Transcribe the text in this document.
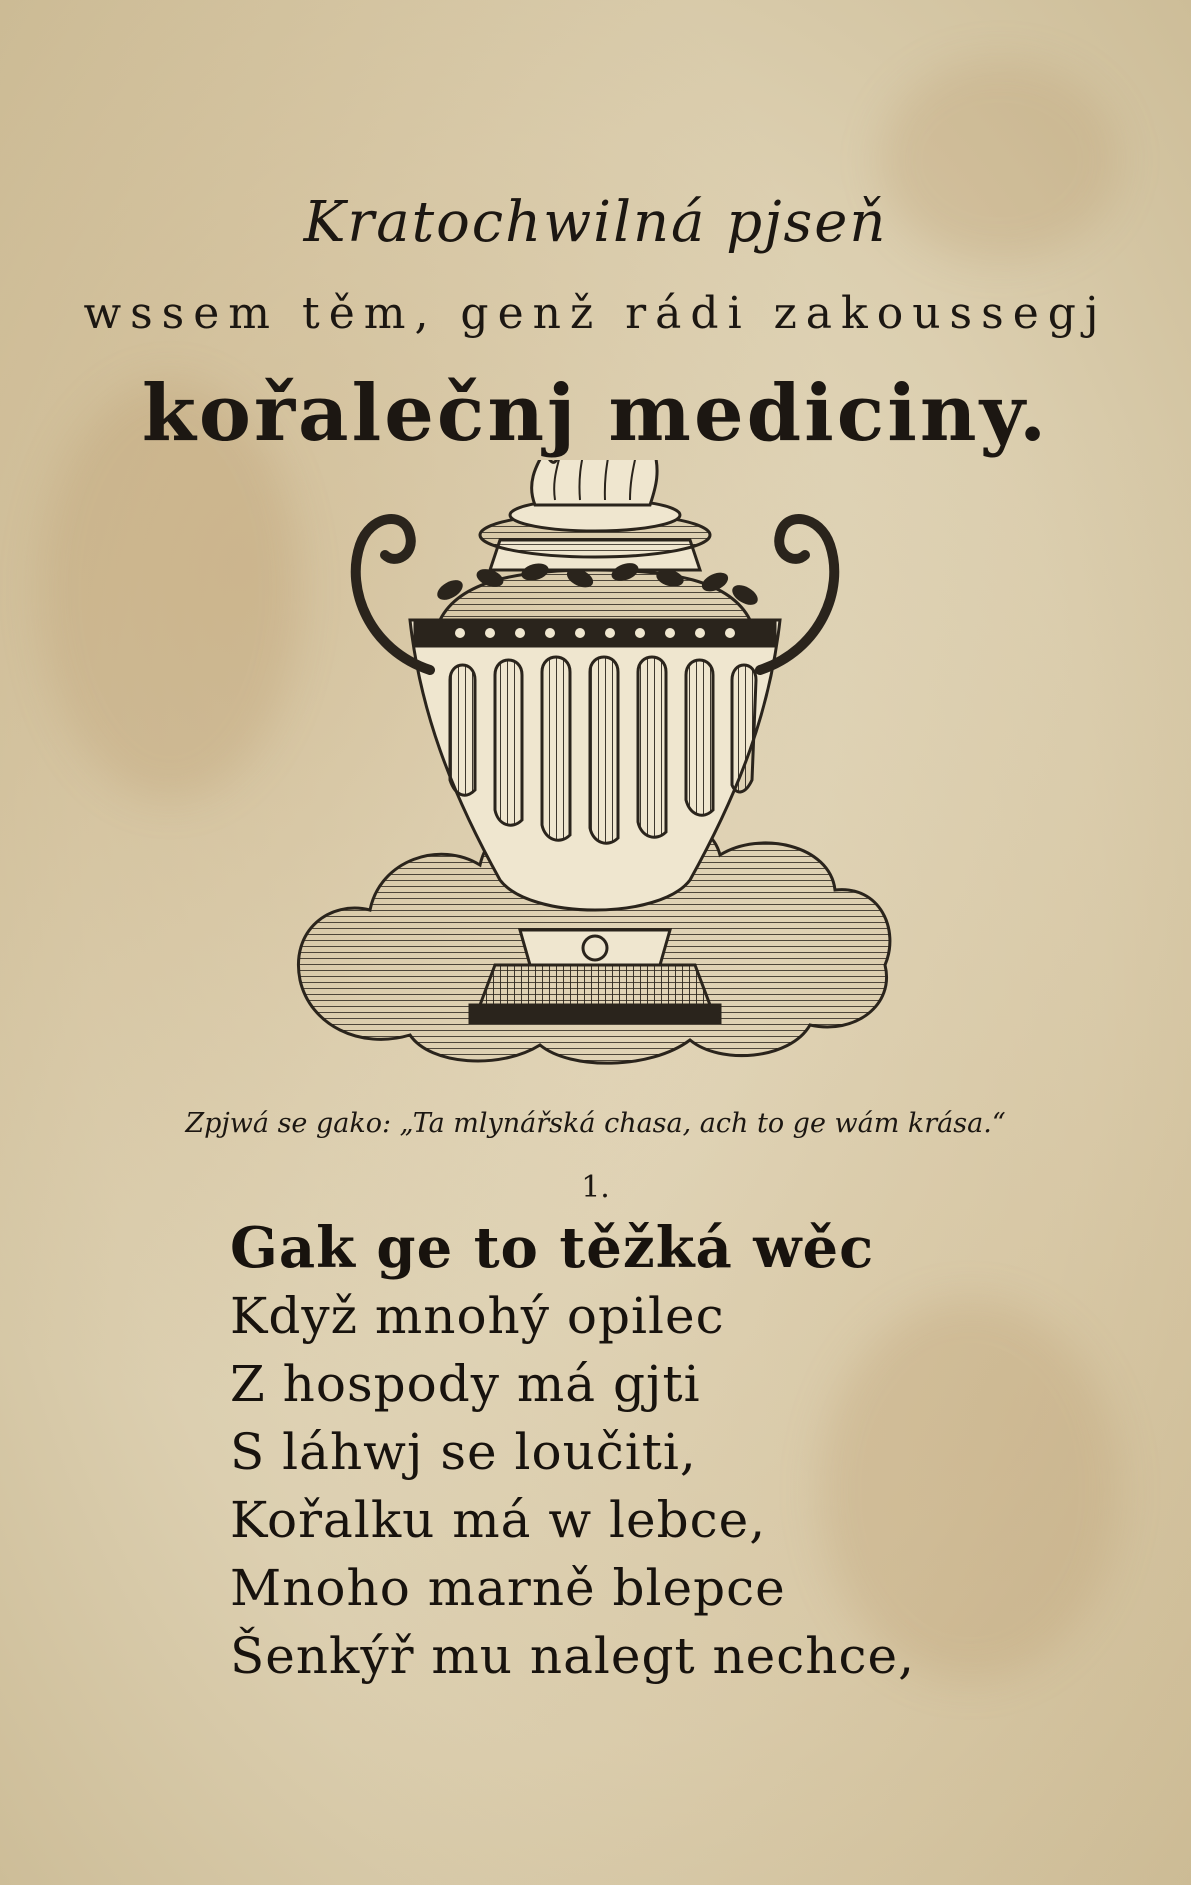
Kratochwilná pjseň
wssem těm, genž rádi zakoussegj
kořalečnj mediciny.
Zpjwá se gako: „Ta mlynářská chasa, ach to ge wám krása.“
1.
Gak ge to těžká wěc
Když mnohý opilec
Z hospody má gjti
S láhwj se loučiti,
Kořalku má w lebce,
Mnoho marně blepce
Šenkýř mu nalegt nechce,
